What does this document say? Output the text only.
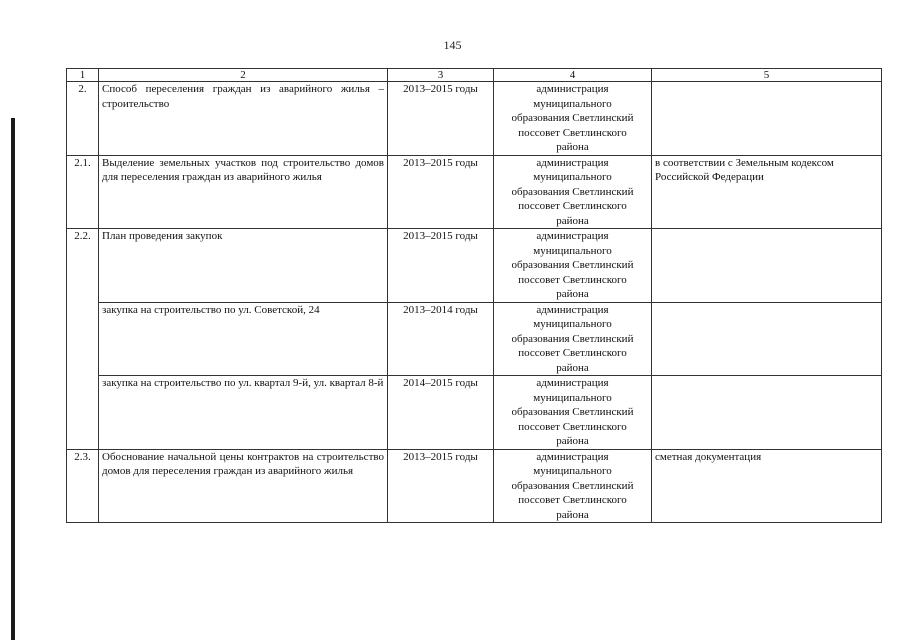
145
1	2	3	4	5
2.	Способ переселения граждан из аварийного жилья – строительство	2013–2015 годы	администрация
муниципального
образования Светлинский
поссовет Светлинского
района	

2.1.	Выделение земельных участков под строительство домов для переселения граждан из аварийного жилья	2013–2015 годы	администрация
муниципального
образования Светлинский
поссовет Светлинского
района	в соответствии с Земельным кодексом Российской Федерации
2.2.	План проведения закупок	2013–2015 годы	администрация
муниципального
образования Светлинский
поссовет Светлинского
района	

	закупка на строительство по ул. Советской, 24	2013–2014 годы	администрация
муниципального
образования Светлинский
поссовет Светлинского
района	

	закупка на строительство по ул. квартал 9-й, ул. квартал 8-й	2014–2015 годы	администрация
муниципального
образования Светлинский
поссовет Светлинского
района	

2.3.	Обоснование начальной цены контрактов на строительство домов для переселения граждан из аварийного жилья	2013–2015 годы	администрация
муниципального
образования Светлинский
поссовет Светлинского
района	сметная документация
